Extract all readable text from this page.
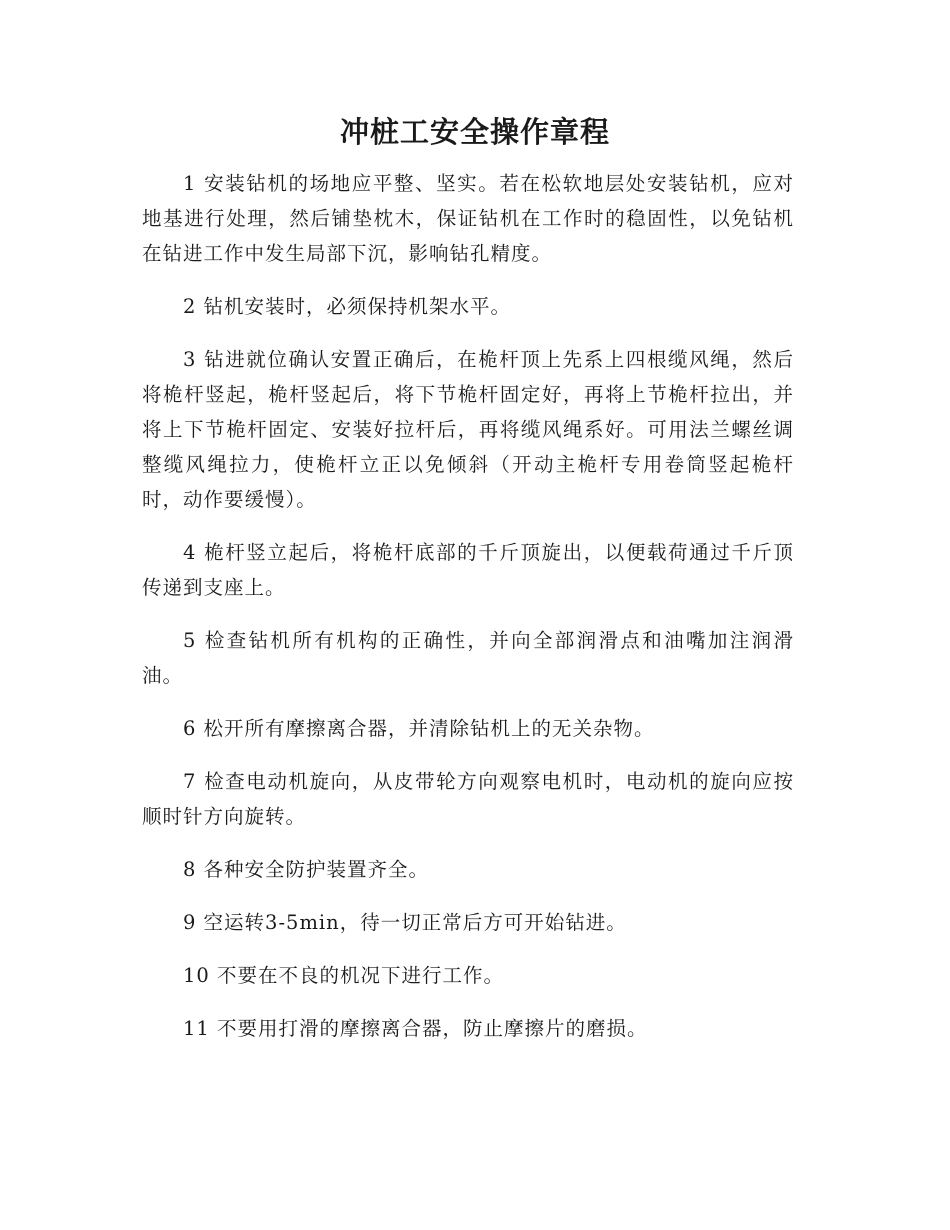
冲桩工安全操作章程

1 安装钻机的场地应平整、坚实。若在松软地层处安装钻机，应对地基进行处理，然后铺垫枕木，保证钻机在工作时的稳固性，以免钻机在钻进工作中发生局部下沉，影响钻孔精度。

2 钻机安装时，必须保持机架水平。

3 钻进就位确认安置正确后，在桅杆顶上先系上四根缆风绳，然后将桅杆竖起，桅杆竖起后，将下节桅杆固定好，再将上节桅杆拉出，并将上下节桅杆固定、安装好拉杆后，再将缆风绳系好。可用法兰螺丝调整缆风绳拉力，使桅杆立正以免倾斜（开动主桅杆专用卷筒竖起桅杆时，动作要缓慢）。

4 桅杆竖立起后，将桅杆底部的千斤顶旋出，以便载荷通过千斤顶传递到支座上。

5 检查钻机所有机构的正确性，并向全部润滑点和油嘴加注润滑油。

6 松开所有摩擦离合器，并清除钻机上的无关杂物。

7 检查电动机旋向，从皮带轮方向观察电机时，电动机的旋向应按顺时针方向旋转。

8 各种安全防护装置齐全。

9 空运转3-5min，待一切正常后方可开始钻进。

10 不要在不良的机况下进行工作。

11 不要用打滑的摩擦离合器，防止摩擦片的磨损。
